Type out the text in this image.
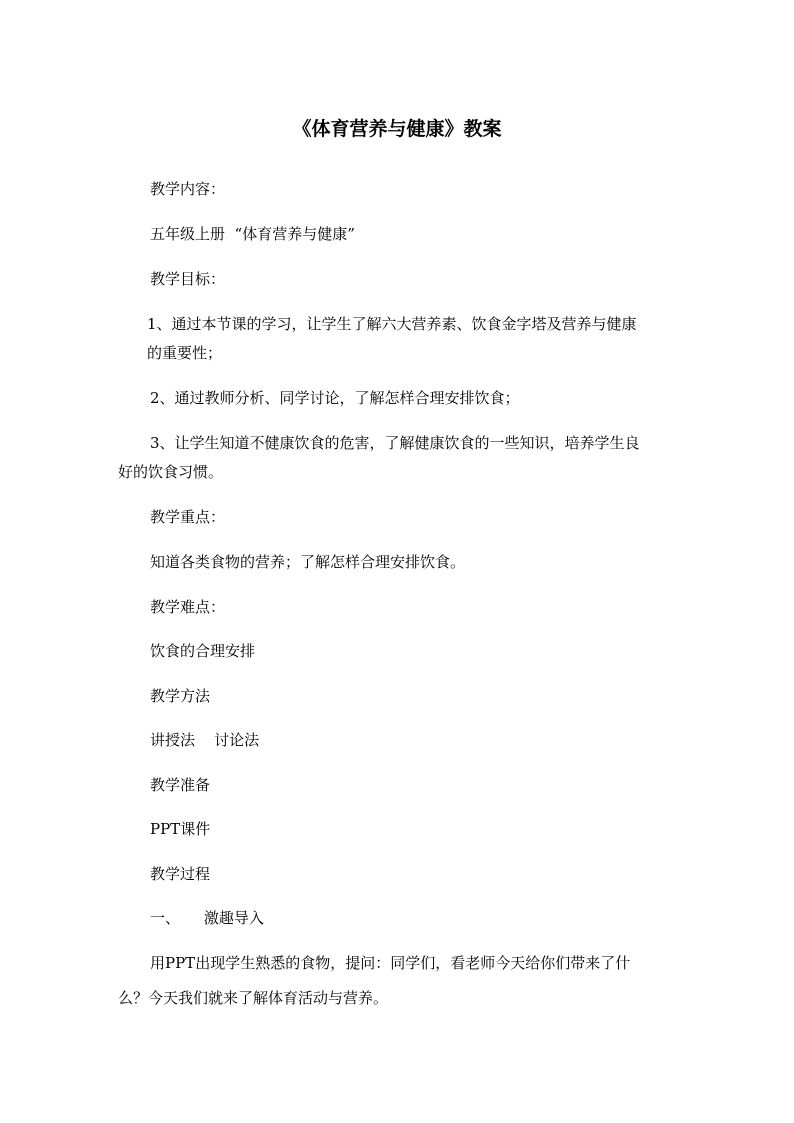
《体育营养与健康》教案
教学内容：
五年级上册  “体育营养与健康”
教学目标：
1、通过本节课的学习，让学生了解六大营养素、饮食金字塔及营养与健康
的重要性；
2、通过教师分析、同学讨论，了解怎样合理安排饮食；
3、让学生知道不健康饮食的危害，了解健康饮食的一些知识，培养学生良
好的饮食习惯。
教学重点：
知道各类食物的营养；了解怎样合理安排饮食。
教学难点：
饮食的合理安排
教学方法
讲授法    讨论法
教学准备
PPT课件
教学过程
一、     激趣导入
用PPT出现学生熟悉的食物，提问：同学们，看老师今天给你们带来了什
么？今天我们就来了解体育活动与营养。
